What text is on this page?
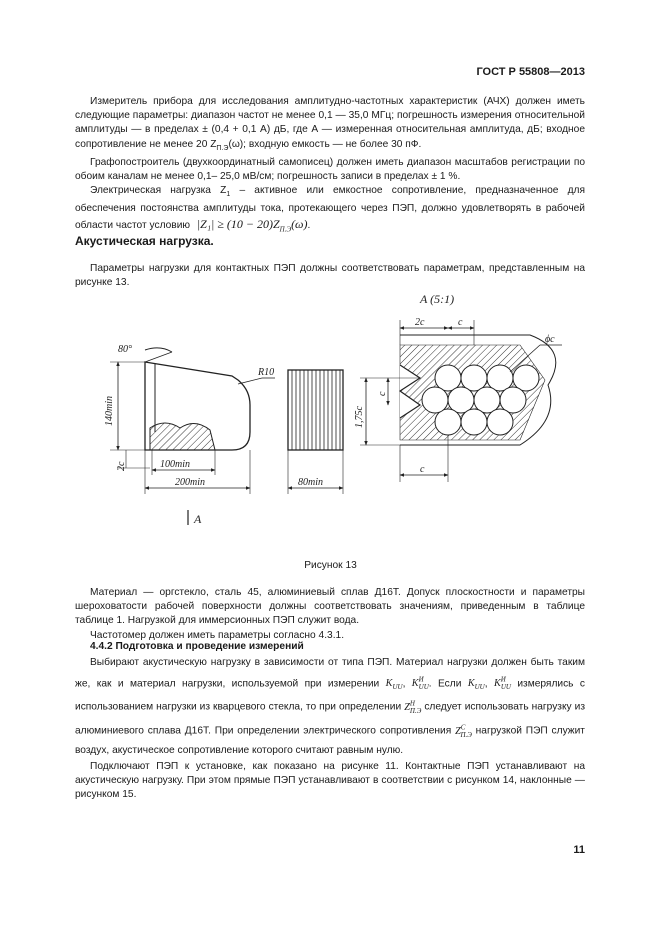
ГОСТ Р 55808—2013

Измеритель прибора для исследования амплитудно-частотных характеристик (АЧХ) должен иметь следующие параметры: диапазон частот не менее 0,1 — 35,0 МГц; погрешность измерения относительной амплитуды — в пределах ± (0,4 + 0,1 А) дБ, где А — измеренная относительная амплитуда, дБ; входное сопротивление не менее 20 $Z_{П.Э}(\omega)$; входную емкость — не более 30 пФ.

Графопостроитель (двухкоординатный самописец) должен иметь диапазон масштабов регистрации по обоим каналам не менее 0,1– 25,0 мВ/см; погрешность записи в пределах ± 1 %.

Электрическая нагрузка $Z_1$ – активное или емкостное сопротивление, предназначенное для обеспечения постоянства амплитуды тока, протекающего через ПЭП, должно удовлетворять в рабочей области частот условию $|Z_1| \ge (10 - 20)Z_{П.Э}(\omega)$.

Акустическая нагрузка.

Параметры нагрузки для контактных ПЭП должны соответствовать параметрам, представленным на рисунке 13.

80°
R10
140min
2c	100min
200min	80min
A
A (5:1)
2c	c
ϕc
1,75c
c
c
Рисунок 13

Материал — оргстекло, сталь 45, алюминиевый сплав Д16Т. Допуск плоскостности и параметры шероховатости рабочей поверхности должны соответствовать значениям, приведенным в таблице таблице 1. Нагрузкой для иммерсионных ПЭП служит вода.

Частотомер должен иметь параметры согласно 4.3.1.

4.4.2 Подготовка и проведение измерений

Выбирают акустическую нагрузку в зависимости от типа ПЭП. Материал нагрузки должен быть таким же, как и материал нагрузки, используемой при измерении $K_{UU}$, $K^И_{UU}$. Если $K_{UU}$, $K^И_{UU}$ измерялись с использованием нагрузки из кварцевого стекла, то при определении $Z^H_{П.Э}$ следует использовать нагрузку из алюминиевого сплава Д16Т. При определении электрического сопротивления $Z^C_{П.Э}$ нагрузкой ПЭП служит воздух, акустическое сопротивление которого считают равным нулю.

Подключают ПЭП к установке, как показано на рисунке 11. Контактные ПЭП устанавливают на акустическую нагрузку. При этом прямые ПЭП устанавливают в соответствии с рисунком 14, наклонные — рисунком 15.

11
